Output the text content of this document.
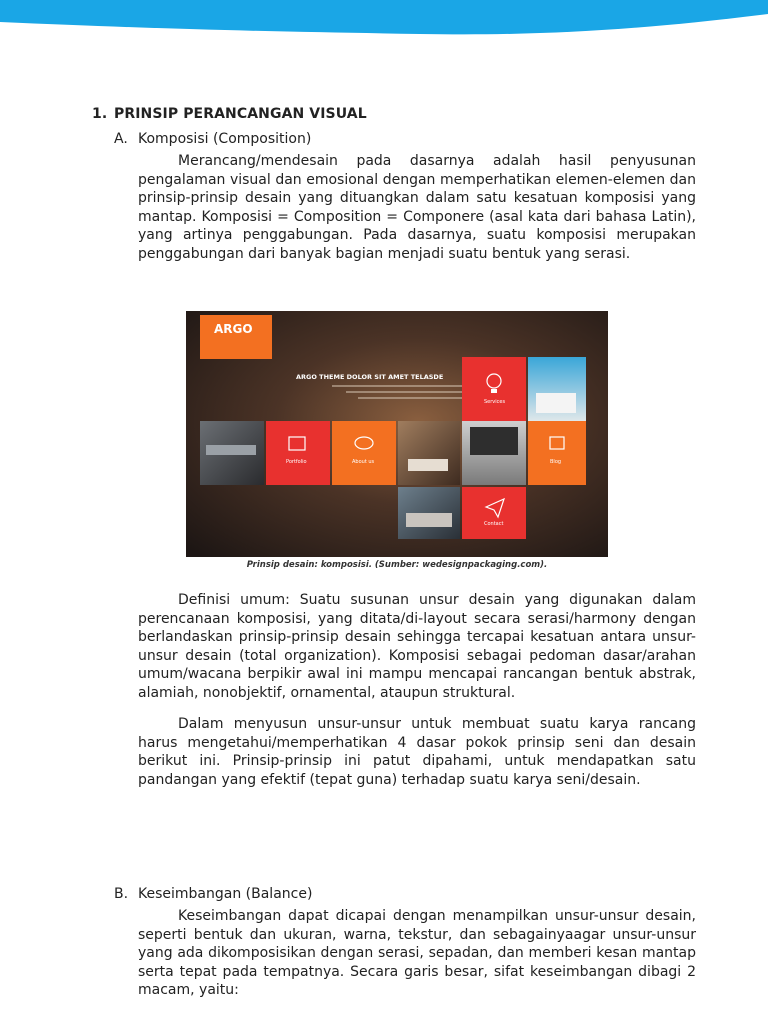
1. PRINSIP PERANCANGAN VISUAL
A. Komposisi (Composition)

Merancang/mendesain pada dasarnya adalah hasil penyusunan pengalaman visual dan emosional dengan memperhatikan elemen-elemen dan prinsip-prinsip desain yang dituangkan dalam satu kesatuan komposisi yang mantap. Komposisi = Composition = Componere (asal kata dari bahasa Latin), yang artinya penggabungan. Pada dasarnya, suatu komposisi merupakan penggabungan dari banyak bagian menjadi suatu bentuk yang serasi.

ARGO
ARGO THEME DOLOR SIT AMET TELASDE
Services
Portfolio	About us	Blog
Contact
Prinsip desain: komposisi. (Sumber: wedesignpackaging.com).

Definisi umum: Suatu susunan unsur desain yang digunakan dalam perencanaan komposisi, yang ditata/di-layout secara serasi/harmony dengan berlandaskan prinsip-prinsip desain sehingga tercapai kesatuan antara unsur-unsur desain (total organization). Komposisi sebagai pedoman dasar/arahan umum/wacana berpikir awal ini mampu mencapai rancangan bentuk abstrak, alamiah, nonobjektif, ornamental, ataupun struktural.

Dalam menyusun unsur-unsur untuk membuat suatu karya rancang harus mengetahui/memperhatikan 4 dasar pokok prinsip seni dan desain berikut ini. Prinsip-prinsip ini patut dipahami, untuk mendapatkan satu pandangan yang efektif (tepat guna) terhadap suatu karya seni/desain.

B. Keseimbangan (Balance)

Keseimbangan dapat dicapai dengan menampilkan unsur-unsur desain, seperti bentuk dan ukuran, warna, tekstur, dan sebagainyaagar unsur-unsur yang ada dikomposisikan dengan serasi, sepadan, dan memberi kesan mantap serta tepat pada tempatnya. Secara garis besar, sifat keseimbangan dibagi 2 macam, yaitu:
